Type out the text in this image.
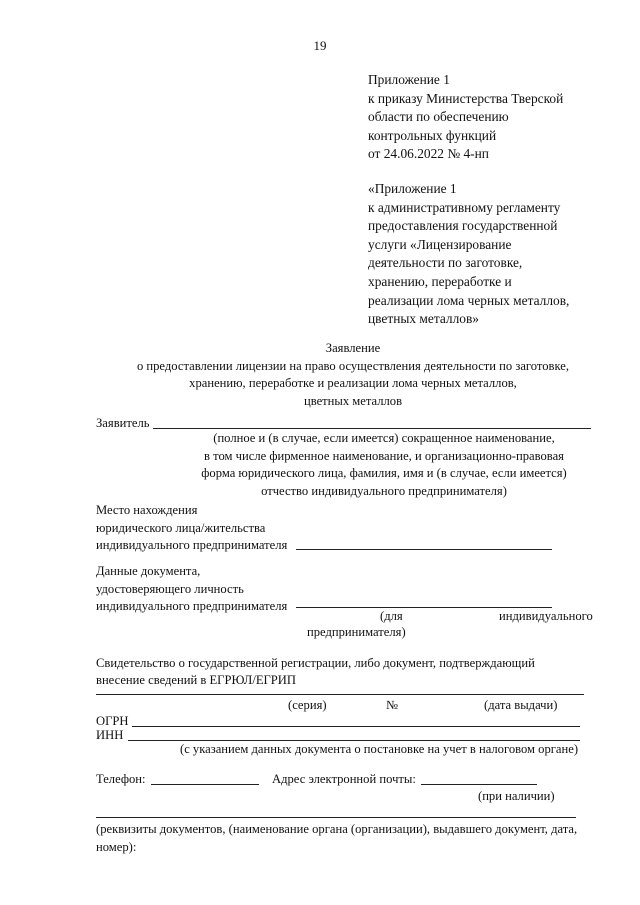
19
Приложение 1
к приказу Министерства Тверской
области по обеспечению
контрольных функций
от 24.06.2022 № 4-нп
«Приложение 1
к административному регламенту
предоставления государственной
услуги «Лицензирование
деятельности по заготовке,
хранению, переработке и
реализации лома черных металлов,
цветных металлов»
Заявление
о предоставлении лицензии на право осуществления деятельности по заготовке,
хранению, переработке и реализации лома черных металлов,
цветных металлов
Заявитель
(полное и (в случае, если имеется) сокращенное наименование,
в том числе фирменное наименование, и организационно-правовая
форма юридического лица, фамилия, имя и (в случае, если имеется)
отчество индивидуального предпринимателя)
Место нахождения
юридического лица/жительства
индивидуального предпринимателя
Данные документа,
удостоверяющего личность
индивидуального предпринимателя
(для	индивидуального
предпринимателя)
Свидетельство о государственной регистрации, либо документ, подтверждающий
внесение сведений в ЕГРЮЛ/ЕГРИП
(серия)	№	(дата выдачи)
ОГРН
ИНН
(с указанием данных документа о постановке на учет в налоговом органе)
Телефон:	Адрес электронной почты:
(при наличии)
(реквизиты документов, (наименование органа (организации), выдавшего документ, дата,
номер):
